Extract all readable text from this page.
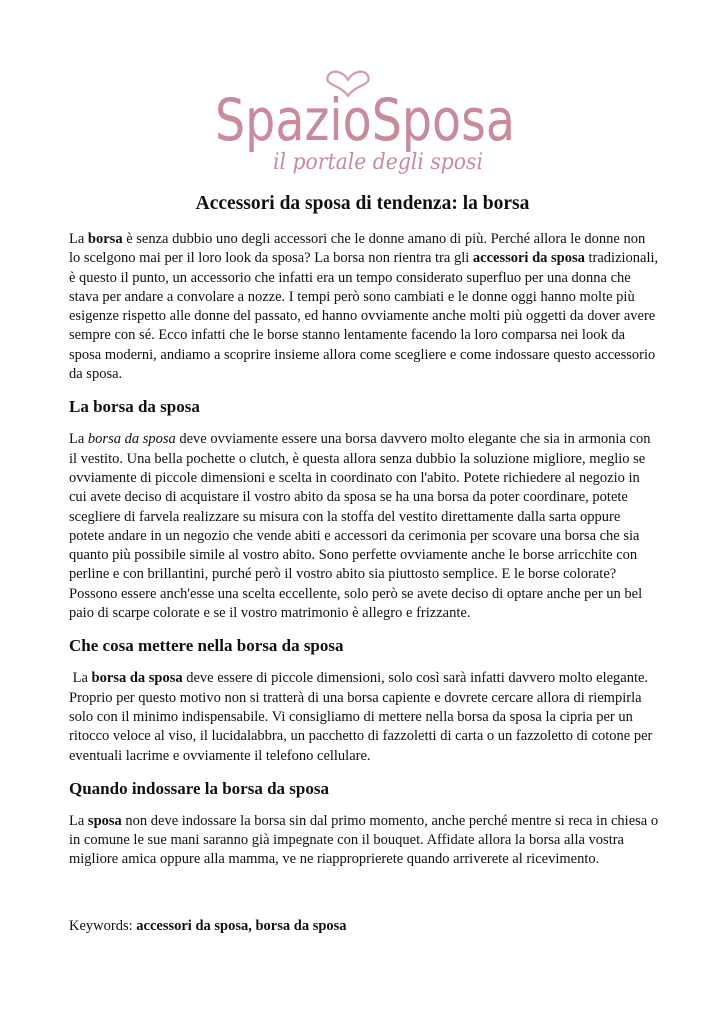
SpazioSposa
il portale degli sposi
Accessori da sposa di tendenza: la borsa

La borsa è senza dubbio uno degli accessori che le donne amano di più. Perché allora le donne non lo scelgono mai per il loro look da sposa? La borsa non rientra tra gli accessori da sposa tradizionali, è questo il punto, un accessorio che infatti era un tempo considerato superfluo per una donna che stava per andare a convolare a nozze. I tempi però sono cambiati e le donne oggi hanno molte più esigenze rispetto alle donne del passato, ed hanno ovviamente anche molti più oggetti da dover avere sempre con sé. Ecco infatti che le borse stanno lentamente facendo la loro comparsa nei look da sposa moderni, andiamo a scoprire insieme allora come scegliere e come indossare questo accessorio da sposa.

La borsa da sposa

La borsa da sposa deve ovviamente essere una borsa davvero molto elegante che sia in armonia con il vestito. Una bella pochette o clutch, è questa allora senza dubbio la soluzione migliore, meglio se ovviamente di piccole dimensioni e scelta in coordinato con l'abito. Potete richiedere al negozio in cui avete deciso di acquistare il vostro abito da sposa se ha una borsa da poter coordinare, potete scegliere di farvela realizzare su misura con la stoffa del vestito direttamente dalla sarta oppure potete andare in un negozio che vende abiti e accessori da cerimonia per scovare una borsa che sia quanto più possibile simile al vostro abito. Sono perfette ovviamente anche le borse arricchite con perline e con brillantini, purché però il vostro abito sia piuttosto semplice. E le borse colorate? Possono essere anch'esse una scelta eccellente, solo però se avete deciso di optare anche per un bel paio di scarpe colorate e se il vostro matrimonio è allegro e frizzante.

Che cosa mettere nella borsa da sposa

La borsa da sposa deve essere di piccole dimensioni, solo così sarà infatti davvero molto elegante. Proprio per questo motivo non si tratterà di una borsa capiente e dovrete cercare allora di riempirla solo con il minimo indispensabile. Vi consigliamo di mettere nella borsa da sposa la cipria per un ritocco veloce al viso, il lucidalabbra, un pacchetto di fazzoletti di carta o un fazzoletto di cotone per eventuali lacrime e ovviamente il telefono cellulare.

Quando indossare la borsa da sposa

La sposa non deve indossare la borsa sin dal primo momento, anche perché mentre si reca in chiesa o in comune le sue mani saranno già impegnate con il bouquet. Affidate allora la borsa alla vostra migliore amica oppure alla mamma, ve ne riapproprierete quando arriverete al ricevimento.

Keywords: accessori da sposa, borsa da sposa
